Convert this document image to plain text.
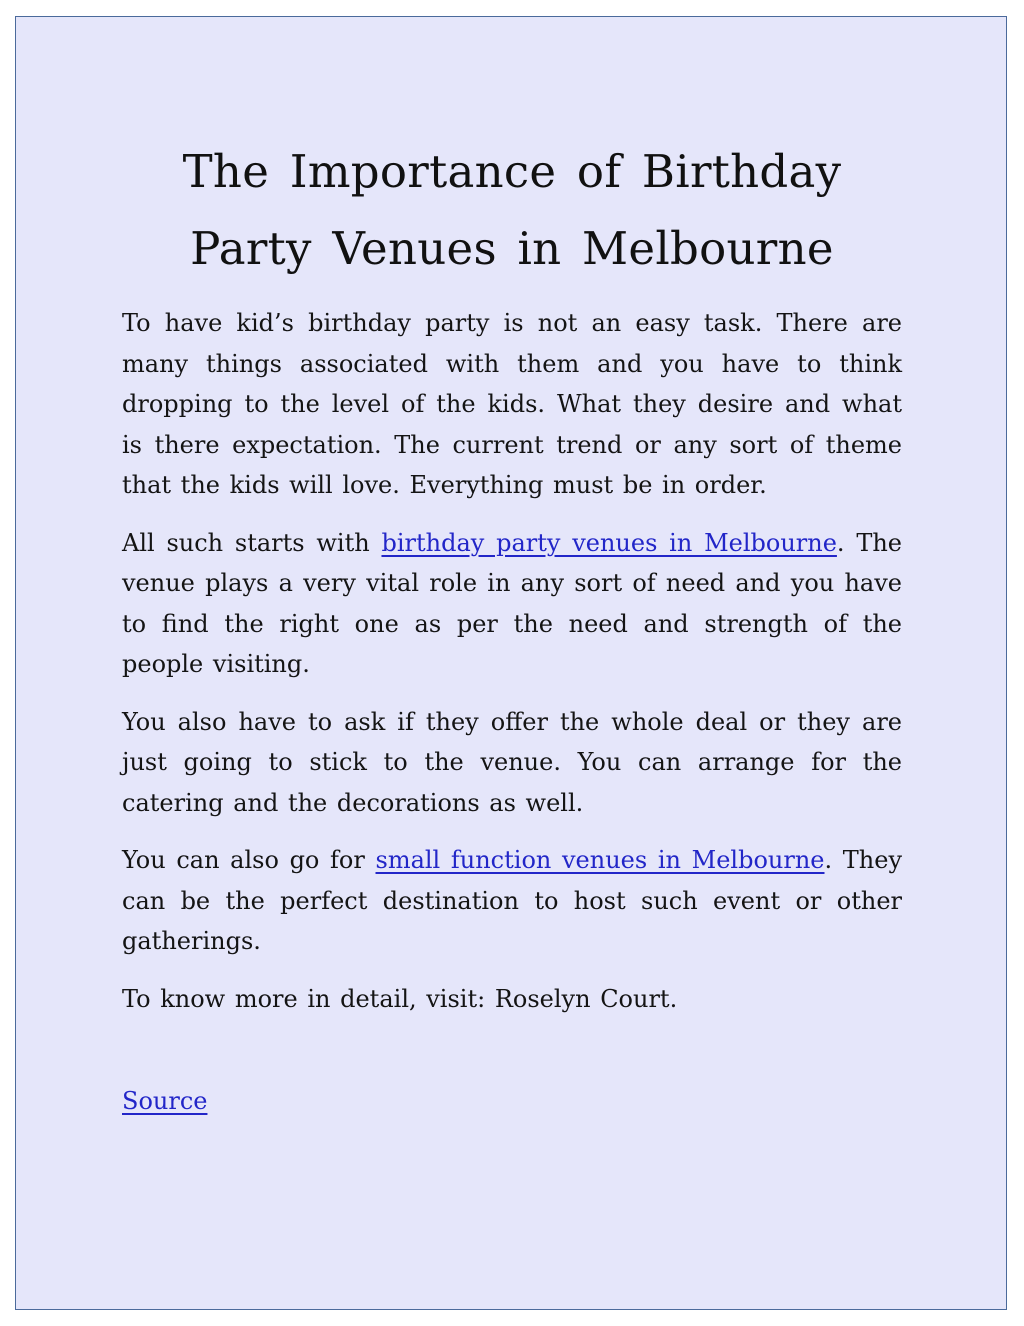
The Importance of Birthday Party Venues in Melbourne

To have kid’s birthday party is not an easy task. There are many things associated with them and you have to think dropping to the level of the kids. What they desire and what is there expectation. The current trend or any sort of theme that the kids will love. Everything must be in order.

All such starts with birthday party venues in Melbourne. The venue plays a very vital role in any sort of need and you have to find the right one as per the need and strength of the people visiting.

You also have to ask if they offer the whole deal or they are just going to stick to the venue. You can arrange for the catering and the decorations as well.

You can also go for small function venues in Melbourne. They can be the perfect destination to host such event or other gatherings.

To know more in detail, visit: Roselyn Court.

Source
